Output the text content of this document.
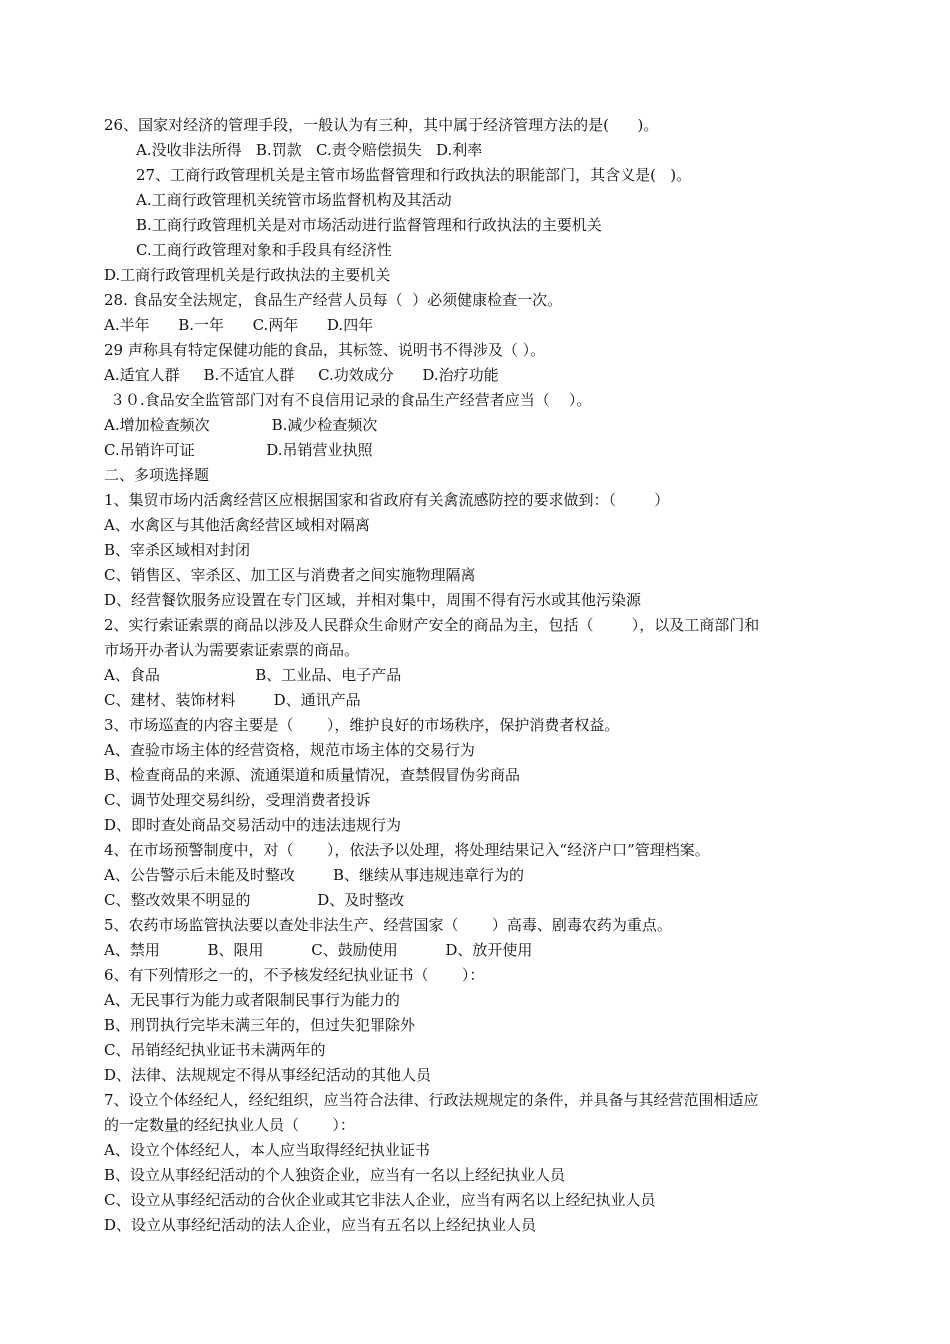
26、国家对经济的管理手段，一般认为有三种，其中属于经济管理方法的是(      )。
A.没收非法所得   B.罚款   C.责令赔偿损失   D.利率
27、工商行政管理机关是主管市场监督管理和行政执法的职能部门，其含义是(   )。
A.工商行政管理机关统管市场监督机构及其活动
B.工商行政管理机关是对市场活动进行监督管理和行政执法的主要机关
C.工商行政管理对象和手段具有经济性
D.工商行政管理机关是行政执法的主要机关
28. 食品安全法规定，食品生产经营人员每（  ）必须健康检查一次。
A.半年      B.一年      C.两年      D.四年
29 声称具有特定保健功能的食品，其标签、说明书不得涉及（ ）。
A.适宜人群     B.不适宜人群     C.功效成分      D.治疗功能
３０.食品安全监管部门对有不良信用记录的食品生产经营者应当（    ）。
A.增加检查频次             B.减少检查频次
C.吊销许可证               D.吊销营业执照
二、多项选择题
1、集贸市场内活禽经营区应根据国家和省政府有关禽流感防控的要求做到：（        ）
A、水禽区与其他活禽经营区域相对隔离
B、宰杀区域相对封闭
C、销售区、宰杀区、加工区与消费者之间实施物理隔离
D、经营餐饮服务应设置在专门区域，并相对集中，周围不得有污水或其他污染源
2、实行索证索票的商品以涉及人民群众生命财产安全的商品为主，包括（        ），以及工商部门和
市场开办者认为需要索证索票的商品。
A、食品                    B、工业品、电子产品
C、建材、装饰材料        D、通讯产品
3、市场巡查的内容主要是（       ），维护良好的市场秩序，保护消费者权益。
A、查验市场主体的经营资格，规范市场主体的交易行为
B、检查商品的来源、流通渠道和质量情况，查禁假冒伪劣商品
C、调节处理交易纠纷，受理消费者投诉
D、即时查处商品交易活动中的违法违规行为
4、在市场预警制度中，对（       ），依法予以处理，将处理结果记入“经济户口”管理档案。
A、公告警示后未能及时整改        B、继续从事违规违章行为的
C、整改效果不明显的              D、及时整改
5、农药市场监管执法要以查处非法生产、经营国家（       ）高毒、剧毒农药为重点。
A、禁用          B、限用          C、鼓励使用          D、放开使用
6、有下列情形之一的，不予核发经纪执业证书（       ）：
A、无民事行为能力或者限制民事行为能力的
B、刑罚执行完毕未满三年的，但过失犯罪除外
C、吊销经纪执业证书未满两年的
D、法律、法规规定不得从事经纪活动的其他人员
7、设立个体经纪人，经纪组织，应当符合法律、行政法规规定的条件，并具备与其经营范围相适应
的一定数量的经纪执业人员（       ）：
A、设立个体经纪人，本人应当取得经纪执业证书
B、设立从事经纪活动的个人独资企业，应当有一名以上经纪执业人员
C、设立从事经纪活动的合伙企业或其它非法人企业，应当有两名以上经纪执业人员
D、设立从事经纪活动的法人企业，应当有五名以上经纪执业人员
